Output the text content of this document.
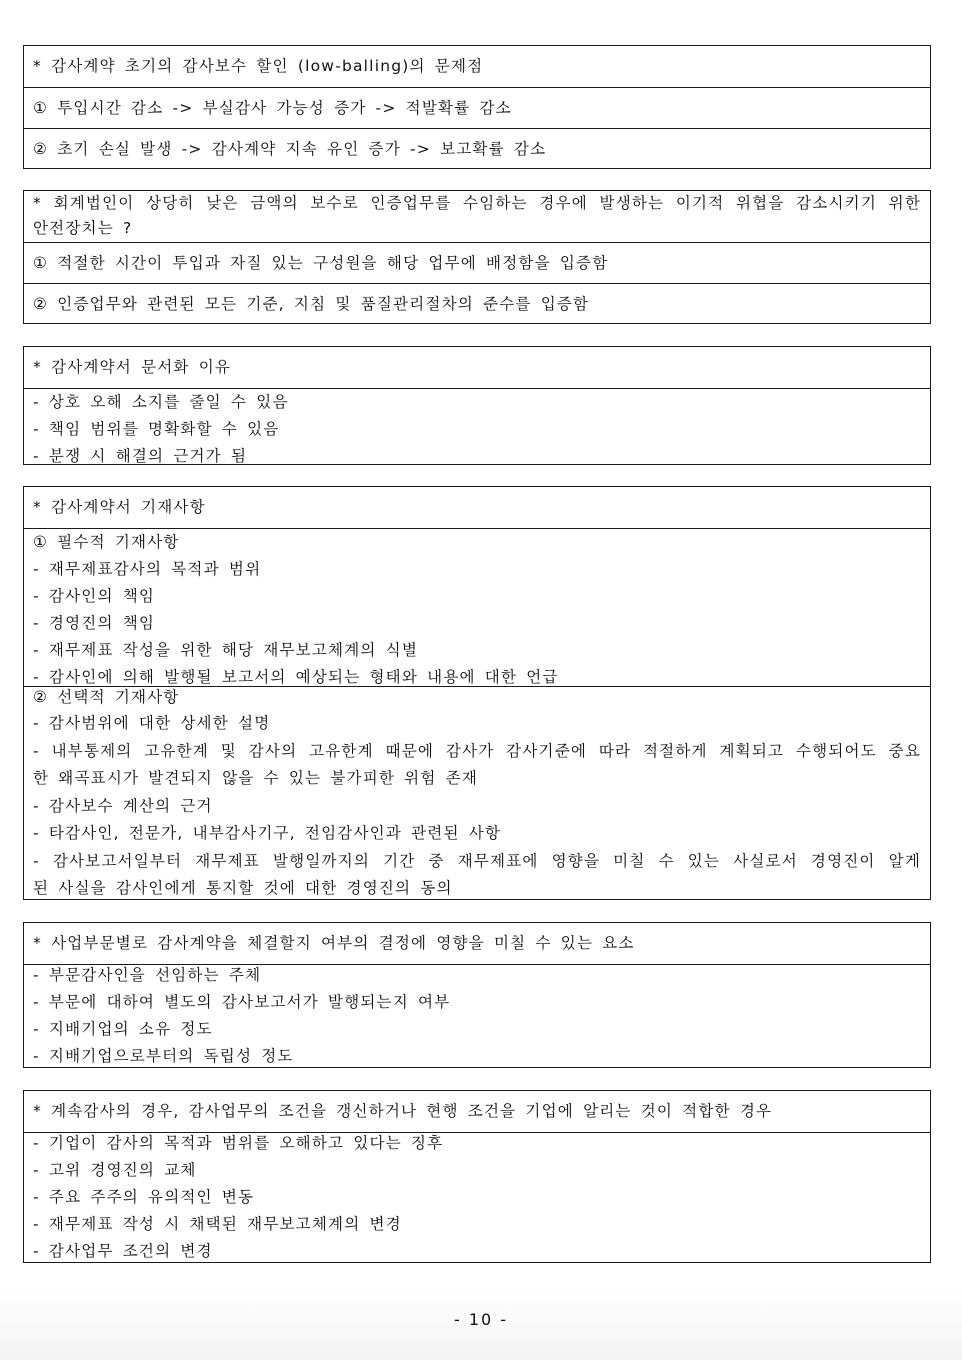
* 감사계약 초기의 감사보수 할인 (low-balling)의 문제점
① 투입시간 감소 -> 부실감사 가능성 증가 -> 적발확률 감소
② 초기 손실 발생 -> 감사계약 지속 유인 증가 -> 보고확률 감소
* 회계법인이 상당히 낮은 금액의 보수로 인증업무를 수임하는 경우에 발생하는 이기적 위협을 감소시키기 위한
안전장치는 ?
① 적절한 시간이 투입과 자질 있는 구성원을 해당 업무에 배정함을 입증함
② 인증업무와 관련된 모든 기준, 지침 및 품질관리절차의 준수를 입증함
* 감사계약서 문서화 이유
- 상호 오해 소지를 줄일 수 있음
- 책임 범위를 명확화할 수 있음
- 분쟁 시 해결의 근거가 됨
* 감사계약서 기재사항
① 필수적 기재사항
- 재무제표감사의 목적과 범위
- 감사인의 책임
- 경영진의 책임
- 재무제표 작성을 위한 해당 재무보고체계의 식별
- 감사인에 의해 발행될 보고서의 예상되는 형태와 내용에 대한 언급
② 선택적 기재사항
- 감사범위에 대한 상세한 설명
- 내부통제의 고유한계 및 감사의 고유한계 때문에 감사가 감사기준에 따라 적절하게 계획되고 수행되어도 중요
한 왜곡표시가 발견되지 않을 수 있는 불가피한 위험 존재
- 감사보수 계산의 근거
- 타감사인, 전문가, 내부감사기구, 전임감사인과 관련된 사항
- 감사보고서일부터 재무제표 발행일까지의 기간 중 재무제표에 영향을 미칠 수 있는 사실로서 경영진이 알게
된 사실을 감사인에게 통지할 것에 대한 경영진의 동의
* 사업부문별로 감사계약을 체결할지 여부의 결정에 영향을 미칠 수 있는 요소
- 부문감사인을 선임하는 주체
- 부문에 대하여 별도의 감사보고서가 발행되는지 여부
- 지배기업의 소유 정도
- 지배기업으로부터의 독립성 정도
* 계속감사의 경우, 감사업무의 조건을 갱신하거나 현행 조건을 기업에 알리는 것이 적합한 경우
- 기업이 감사의 목적과 범위를 오해하고 있다는 징후
- 고위 경영진의 교체
- 주요 주주의 유의적인 변동
- 재무제표 작성 시 채택된 재무보고체계의 변경
- 감사업무 조건의 변경
- 10 -
